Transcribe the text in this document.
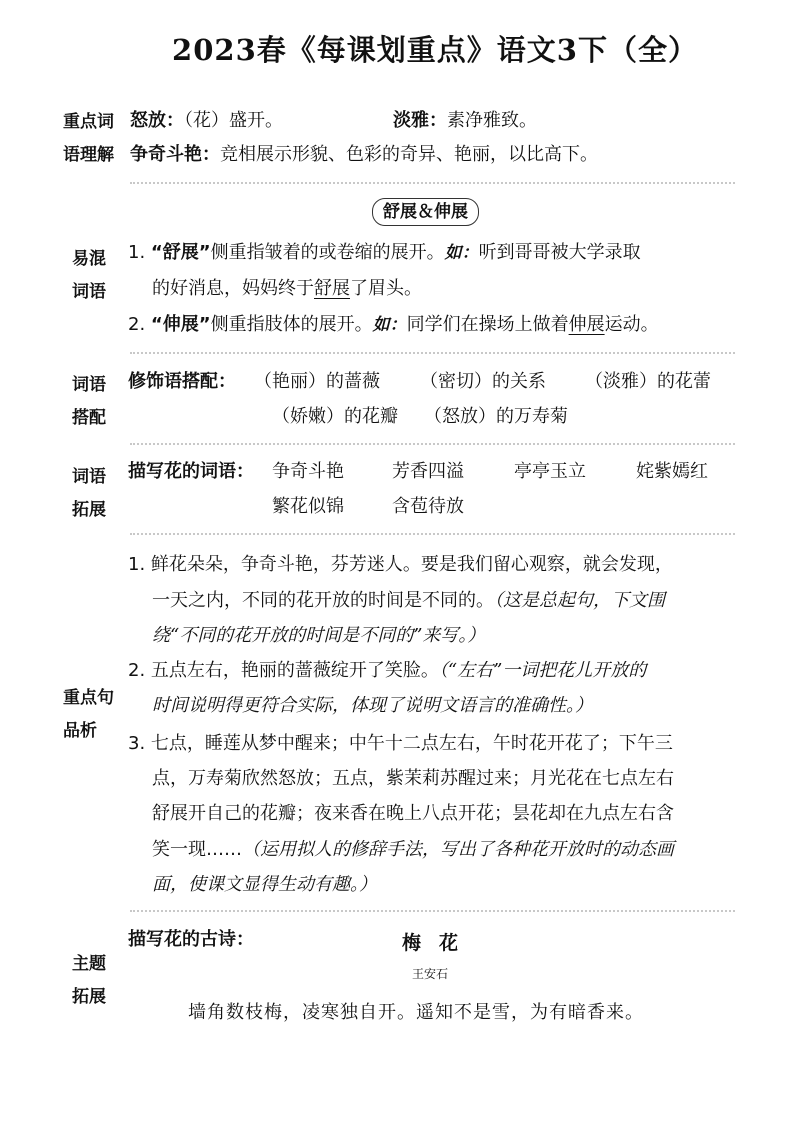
2023春《每课划重点》语文3下（全）
重点词
语理解
怒放：（花）盛开。	淡雅：素净雅致。
争奇斗艳：竞相展示形貌、色彩的奇异、艳丽，以比高下。
舒展＆伸展
易混
词语
1. “舒展”侧重指皱着的或卷缩的展开。如：听到哥哥被大学录取
的好消息，妈妈终于舒展了眉头。
2. “伸展”侧重指肢体的展开。如：同学们在操场上做着伸展运动。
词语
搭配
修饰语搭配： （艳丽）的蔷薇 （密切）的关系 （淡雅）的花蕾
（娇嫩）的花瓣 （怒放）的万寿菊
词语
拓展
描写花的词语： 争奇斗艳	芳香四溢	亭亭玉立	姹紫嫣红
繁花似锦	含苞待放
重点句
品析
1. 鲜花朵朵，争奇斗艳，芬芳迷人。要是我们留心观察，就会发现，
一天之内，不同的花开放的时间是不同的。（这是总起句，下文围
绕“不同的花开放的时间是不同的”来写。）
2. 五点左右，艳丽的蔷薇绽开了笑脸。（“左右”一词把花儿开放的
时间说明得更符合实际，体现了说明文语言的准确性。）
3. 七点，睡莲从梦中醒来；中午十二点左右，午时花开花了；下午三
点，万寿菊欣然怒放；五点，紫茉莉苏醒过来；月光花在七点左右
舒展开自己的花瓣；夜来香在晚上八点开花；昙花却在九点左右含
笑一现……（运用拟人的修辞手法，写出了各种花开放时的动态画
面，使课文显得生动有趣。）
主题
拓展
描写花的古诗：	梅花
王安石
墙角数枝梅，凌寒独自开。遥知不是雪，为有暗香来。
